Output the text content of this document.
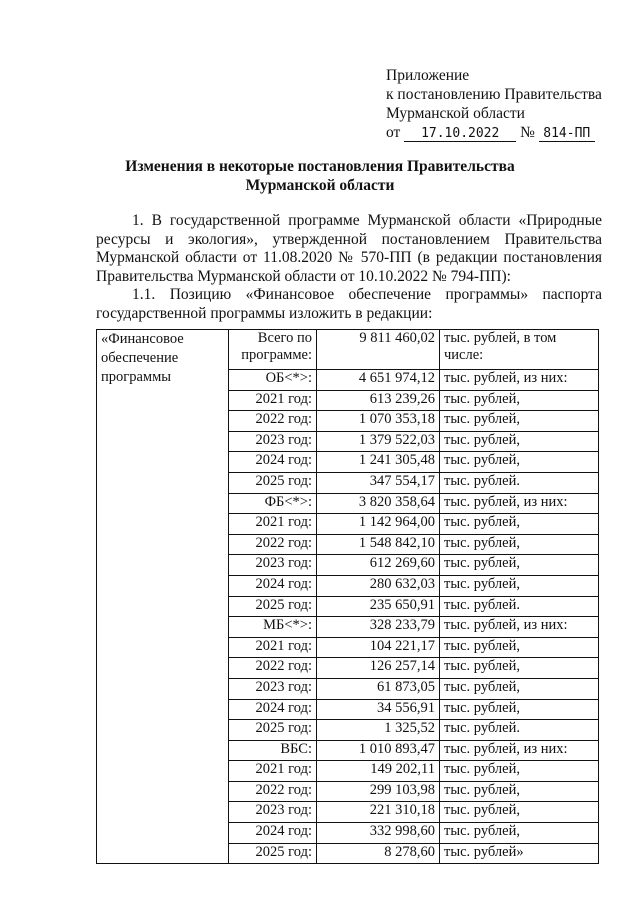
Приложение
к постановлению Правительства
Мурманской области
от 17.10.2022 № 814-ПП
Изменения в некоторые постановления Правительства
Мурманской области
1. В государственной программе Мурманской области «Природные
ресурсы и экология», утвержденной постановлением Правительства
Мурманской области от 11.08.2020 № 570-ПП (в редакции постановления
Правительства Мурманской области от 10.10.2022 № 794-ПП):
1.1. Позицию «Финансовое обеспечение программы» паспорта
государственной программы изложить в редакции:
«Финансовое обеспечение программы	Всего по программе:	9 811 460,02	тыс. рублей, в том числе:
	ОБ<*>:	4 651 974,12	тыс. рублей, из них:
	2021 год:	613 239,26	тыс. рублей,
	2022 год:	1 070 353,18	тыс. рублей,
	2023 год:	1 379 522,03	тыс. рублей,
	2024 год:	1 241 305,48	тыс. рублей,
	2025 год:	347 554,17	тыс. рублей.
	ФБ<*>:	3 820 358,64	тыс. рублей, из них:
	2021 год:	1 142 964,00	тыс. рублей,
	2022 год:	1 548 842,10	тыс. рублей,
	2023 год:	612 269,60	тыс. рублей,
	2024 год:	280 632,03	тыс. рублей,
	2025 год:	235 650,91	тыс. рублей.
	МБ<*>:	328 233,79	тыс. рублей, из них:
	2021 год:	104 221,17	тыс. рублей,
	2022 год:	126 257,14	тыс. рублей,
	2023 год:	61 873,05	тыс. рублей,
	2024 год:	34 556,91	тыс. рублей,
	2025 год:	1 325,52	тыс. рублей.
	ВБС:	1 010 893,47	тыс. рублей, из них:
	2021 год:	149 202,11	тыс. рублей,
	2022 год:	299 103,98	тыс. рублей,
	2023 год:	221 310,18	тыс. рублей,
	2024 год:	332 998,60	тыс. рублей,
	2025 год:	8 278,60	тыс. рублей»
